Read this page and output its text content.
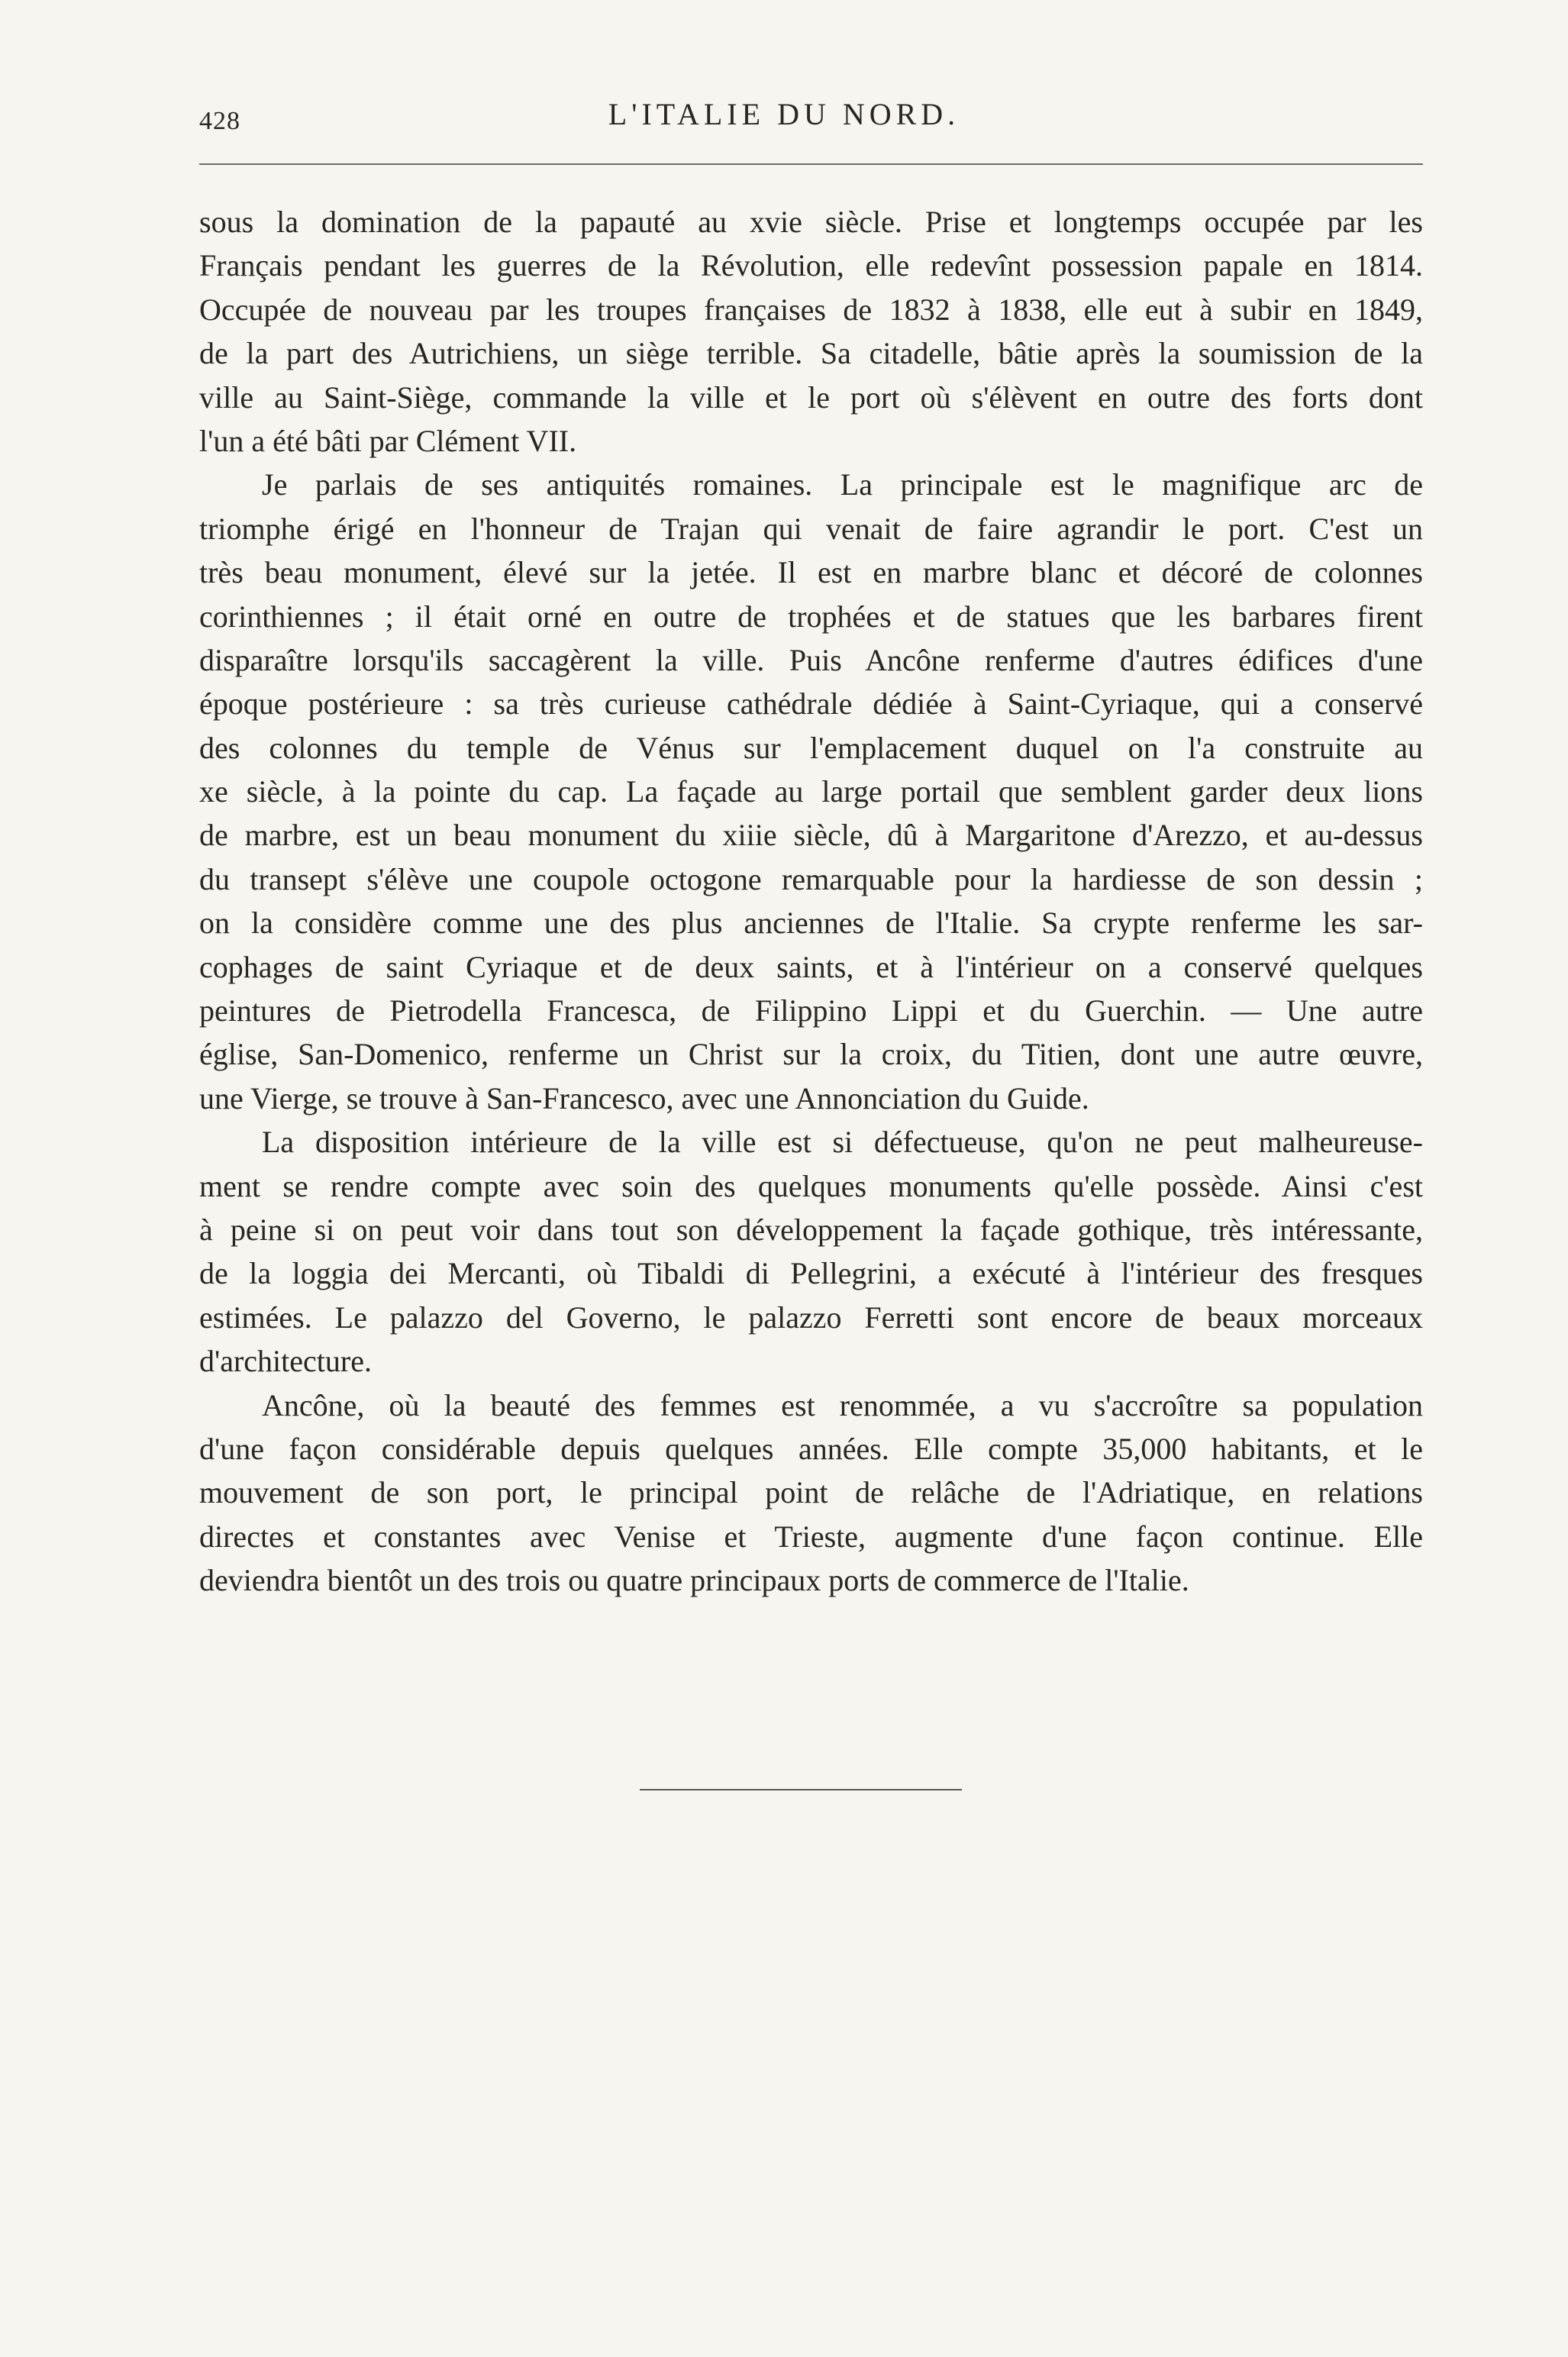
428	L'ITALIE DU NORD.
sous la domination de la papauté au xvie siècle. Prise et longtemps occupée par les
Français pendant les guerres de la Révolution, elle redevînt possession papale en 1814.
Occupée de nouveau par les troupes françaises de 1832 à 1838, elle eut à subir en 1849,
de la part des Autrichiens, un siège terrible. Sa citadelle, bâtie après la soumission de la
ville au Saint-Siège, commande la ville et le port où s'élèvent en outre des forts dont
l'un a été bâti par Clément VII.
Je parlais de ses antiquités romaines. La principale est le magnifique arc de
triomphe érigé en l'honneur de Trajan qui venait de faire agrandir le port. C'est un
très beau monument, élevé sur la jetée. Il est en marbre blanc et décoré de colonnes
corinthiennes ; il était orné en outre de trophées et de statues que les barbares firent
disparaître lorsqu'ils saccagèrent la ville. Puis Ancône renferme d'autres édifices d'une
époque postérieure : sa très curieuse cathédrale dédiée à Saint-Cyriaque, qui a conservé
des colonnes du temple de Vénus sur l'emplacement duquel on l'a construite au
xe siècle, à la pointe du cap. La façade au large portail que semblent garder deux lions
de marbre, est un beau monument du xiiie siècle, dû à Margaritone d'Arezzo, et au-dessus
du transept s'élève une coupole octogone remarquable pour la hardiesse de son dessin ;
on la considère comme une des plus anciennes de l'Italie. Sa crypte renferme les sar-
cophages de saint Cyriaque et de deux saints, et à l'intérieur on a conservé quelques
peintures de Pietrodella Francesca, de Filippino Lippi et du Guerchin. — Une autre
église, San-Domenico, renferme un Christ sur la croix, du Titien, dont une autre œuvre,
une Vierge, se trouve à San-Francesco, avec une Annonciation du Guide.
La disposition intérieure de la ville est si défectueuse, qu'on ne peut malheureuse-
ment se rendre compte avec soin des quelques monuments qu'elle possède. Ainsi c'est
à peine si on peut voir dans tout son développement la façade gothique, très intéressante,
de la loggia dei Mercanti, où Tibaldi di Pellegrini, a exécuté à l'intérieur des fresques
estimées. Le palazzo del Governo, le palazzo Ferretti sont encore de beaux morceaux
d'architecture.
Ancône, où la beauté des femmes est renommée, a vu s'accroître sa population
d'une façon considérable depuis quelques années. Elle compte 35,000 habitants, et le
mouvement de son port, le principal point de relâche de l'Adriatique, en relations
directes et constantes avec Venise et Trieste, augmente d'une façon continue. Elle
deviendra bientôt un des trois ou quatre principaux ports de commerce de l'Italie.
